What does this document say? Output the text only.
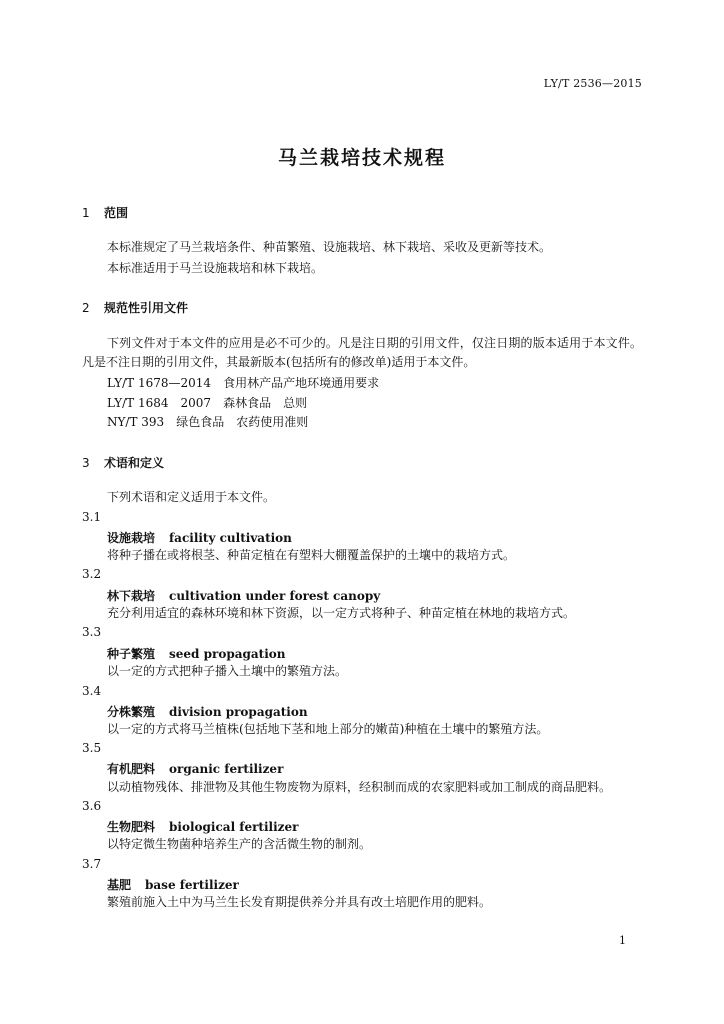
LY/T 2536—2015
马兰栽培技术规程
1 范围
本标准规定了马兰栽培条件、种苗繁殖、设施栽培、林下栽培、采收及更新等技术。
本标准适用于马兰设施栽培和林下栽培。
2 规范性引用文件
下列文件对于本文件的应用是必不可少的。凡是注日期的引用文件，仅注日期的版本适用于本文件。凡是不注日期的引用文件，其最新版本(包括所有的修改单)适用于本文件。
LY/T 1678—2014　食用林产品产地环境通用要求
LY/T 1684　2007　森林食品　总则
NY/T 393　绿色食品　农药使用准则
3 术语和定义
下列术语和定义适用于本文件。
3.1
设施栽培 facility cultivation
将种子播在或将根茎、种苗定植在有塑料大棚覆盖保护的土壤中的栽培方式。
3.2
林下栽培 cultivation under forest canopy
充分利用适宜的森林环境和林下资源，以一定方式将种子、种苗定植在林地的栽培方式。
3.3
种子繁殖 seed propagation
以一定的方式把种子播入土壤中的繁殖方法。
3.4
分株繁殖 division propagation
以一定的方式将马兰植株(包括地下茎和地上部分的嫩苗)种植在土壤中的繁殖方法。
3.5
有机肥料 organic fertilizer
以动植物残体、排泄物及其他生物废物为原料，经积制而成的农家肥料或加工制成的商品肥料。
3.6
生物肥料 biological fertilizer
以特定微生物菌种培养生产的含活微生物的制剂。
3.7
基肥 base fertilizer
繁殖前施入土中为马兰生长发育期提供养分并具有改土培肥作用的肥料。
1
